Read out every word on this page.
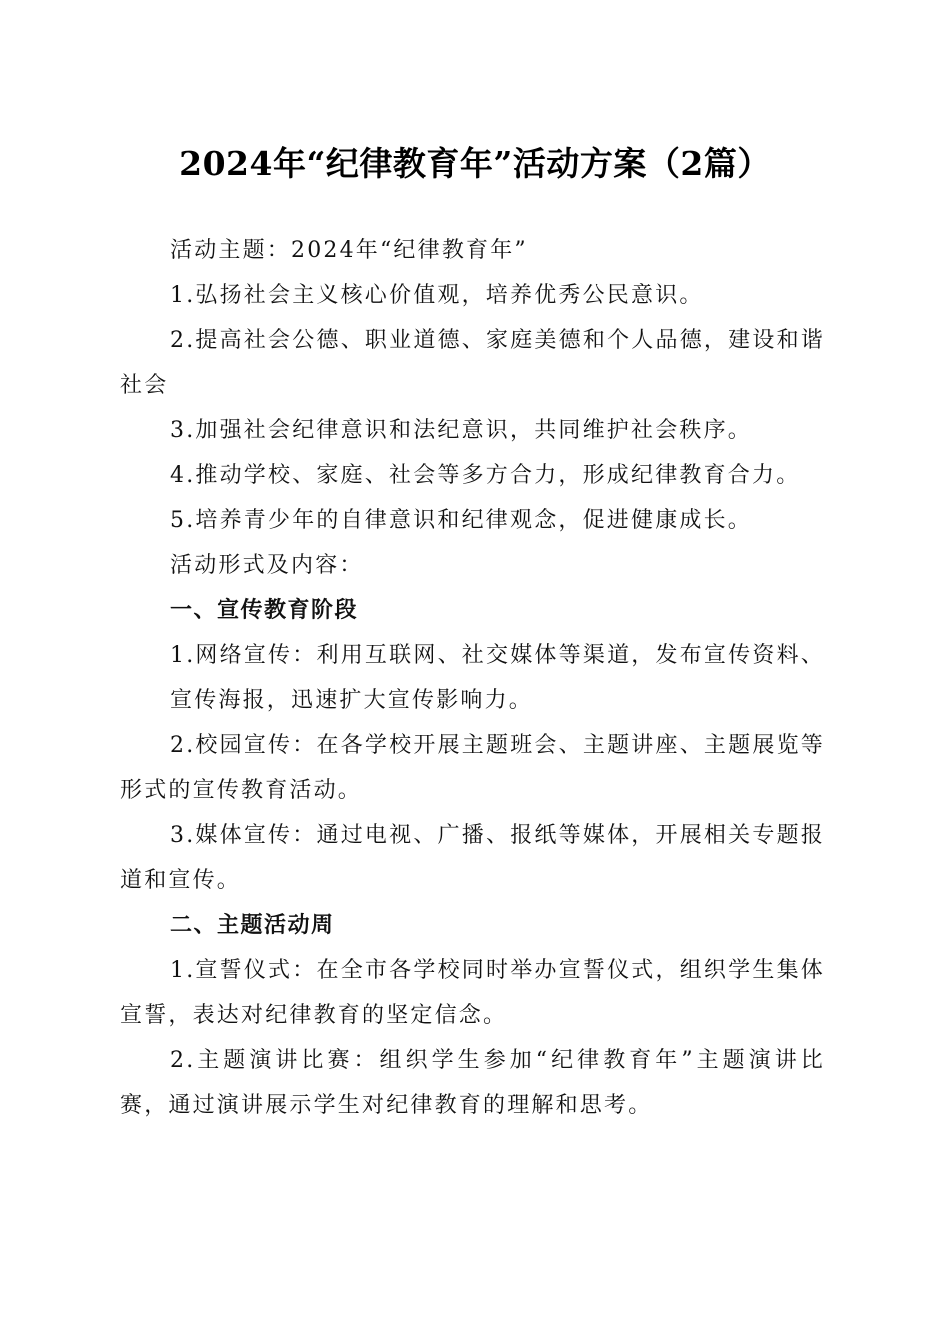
2024年“纪律教育年”活动方案（2篇）

活动主题：2024年“纪律教育年”

1.弘扬社会主义核心价值观，培养优秀公民意识。

2.提高社会公德、职业道德、家庭美德和个人品德，建设和谐社会

3.加强社会纪律意识和法纪意识，共同维护社会秩序。

4.推动学校、家庭、社会等多方合力，形成纪律教育合力。

5.培养青少年的自律意识和纪律观念，促进健康成长。

活动形式及内容：

一、宣传教育阶段

1.网络宣传：利用互联网、社交媒体等渠道，发布宣传资料、宣传海报，迅速扩大宣传影响力。

2.校园宣传：在各学校开展主题班会、主题讲座、主题展览等形式的宣传教育活动。

3.媒体宣传：通过电视、广播、报纸等媒体，开展相关专题报道和宣传。

二、主题活动周

1.宣誓仪式：在全市各学校同时举办宣誓仪式，组织学生集体宣誓，表达对纪律教育的坚定信念。

2.主题演讲比赛：组织学生参加“纪律教育年”主题演讲比赛，通过演讲展示学生对纪律教育的理解和思考。
